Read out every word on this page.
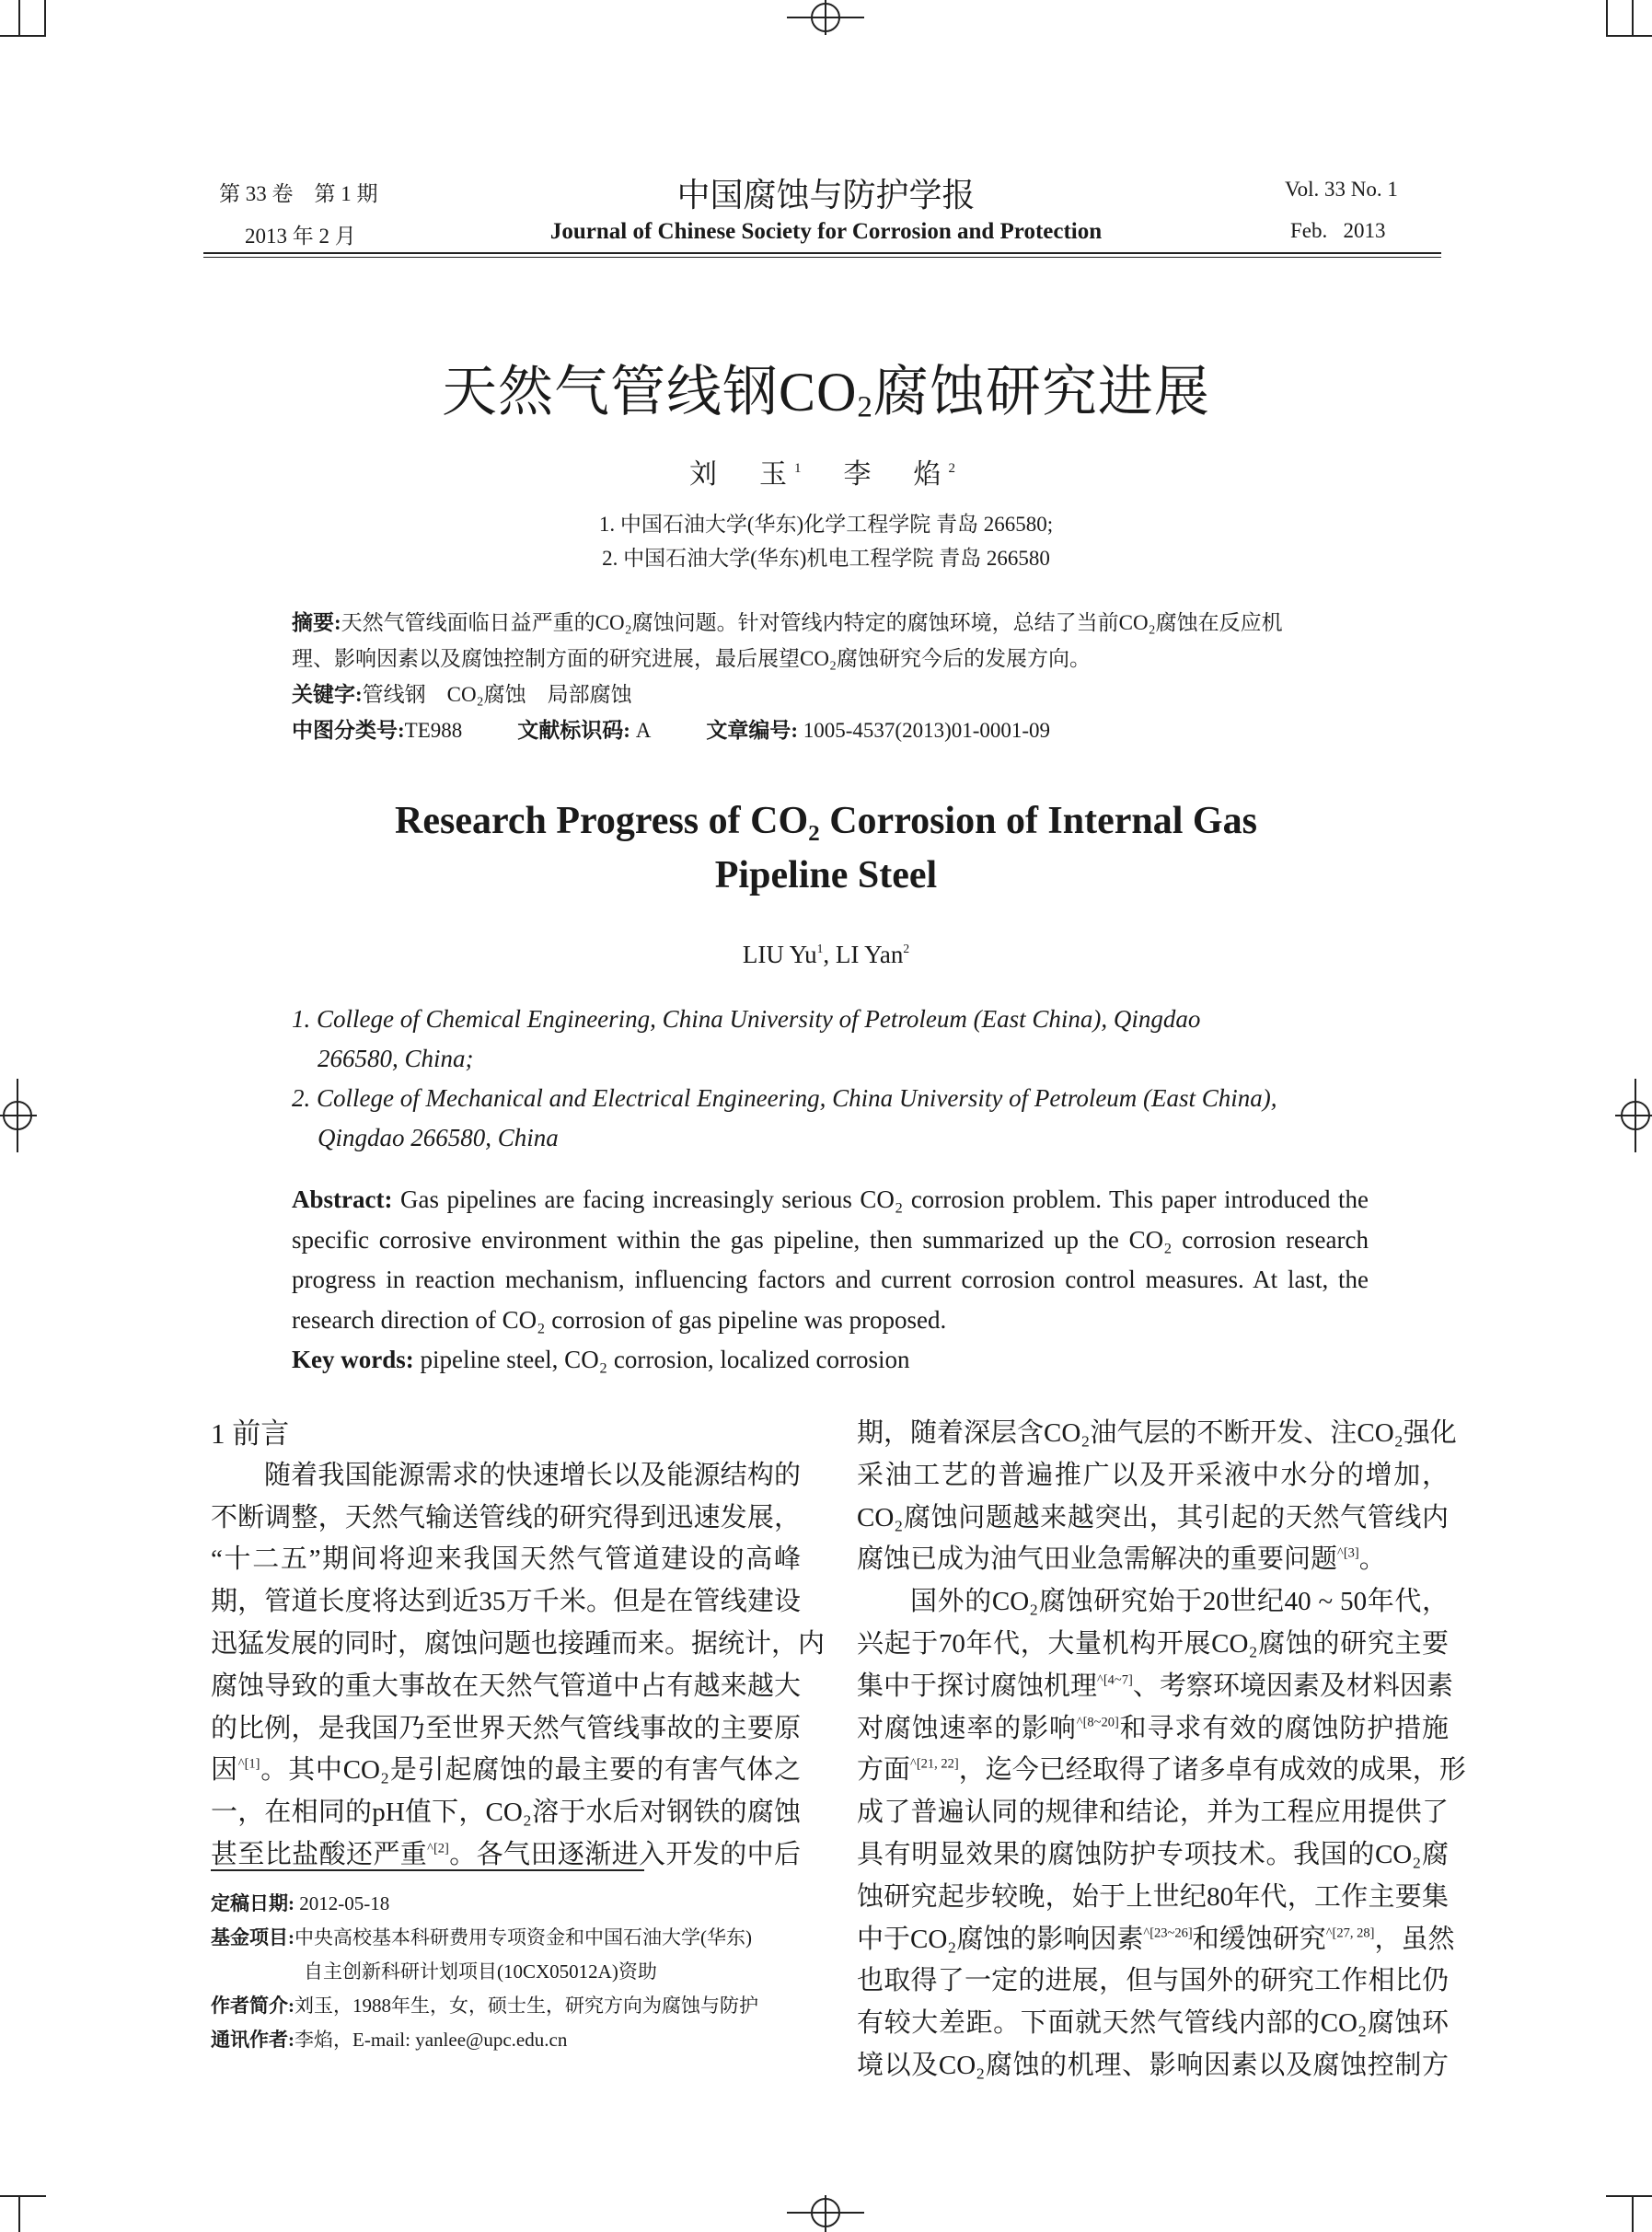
第 33 卷　第 1 期
2013 年 2 月
中国腐蚀与防护学报
Journal of Chinese Society for Corrosion and Protection
Vol. 33 No. 1
Feb.   2013
天然气管线钢CO2腐蚀研究进展
刘　玉$^1$　 李　焰$^2$
1. 中国石油大学(华东)化学工程学院 青岛 266580;
2. 中国石油大学(华东)机电工程学院 青岛 266580
摘要:天然气管线面临日益严重的CO₂腐蚀问题。针对管线内特定的腐蚀环境，总结了当前CO₂腐蚀在反应机
理、影响因素以及腐蚀控制方面的研究进展，最后展望CO₂腐蚀研究今后的发展方向。
关键字:管线钢　CO₂腐蚀　局部腐蚀
中图分类号:TE988	文献标识码: A	文章编号: 1005-4537(2013)01-0001-09
Research Progress of CO₂ Corrosion of Internal Gas
Pipeline Steel
LIU Yu$^1$, LI Yan$^2$
1. College of Chemical Engineering, China University of Petroleum (East China), Qingdao
266580, China;
2. College of Mechanical and Electrical Engineering, China University of Petroleum (East China),
Qingdao 266580, China
Abstract: Gas pipelines are facing increasingly serious CO₂ corrosion problem. This paper introduced the specific corrosive environment within the gas pipeline, then summarized up the CO₂ corrosion research progress in reaction mechanism, influencing factors and current corrosion control measures. At last, the research direction of CO₂ corrosion of gas pipeline was proposed.
Key words: pipeline steel, CO₂ corrosion, localized corrosion
1 前言
随着我国能源需求的快速增长以及能源结构的
不断调整，天然气输送管线的研究得到迅速发展，
“十二五”期间将迎来我国天然气管道建设的高峰
期，管道长度将达到近35万千米。但是在管线建设
迅猛发展的同时，腐蚀问题也接踵而来。据统计，内
腐蚀导致的重大事故在天然气管道中占有越来越大
的比例，是我国乃至世界天然气管线事故的主要原
因$^{\^{}[1]}$。其中CO₂是引起腐蚀的最主要的有害气体之
一，在相同的pH值下，CO₂溶于水后对钢铁的腐蚀
甚至比盐酸还严重$^{\^{}[2]}$。各气田逐渐进入开发的中后
期，随着深层含CO₂油气层的不断开发、注CO₂强化
采油工艺的普遍推广以及开采液中水分的增加，
CO₂腐蚀问题越来越突出，其引起的天然气管线内
腐蚀已成为油气田业急需解决的重要问题$^{\^{}[3]}$。
国外的CO₂腐蚀研究始于20世纪40 ~ 50年代，
兴起于70年代，大量机构开展CO₂腐蚀的研究主要
集中于探讨腐蚀机理$^{\^{}[4\sim 7]}$、考察环境因素及材料因素
对腐蚀速率的影响$^{\^{}[8\sim 20]}$和寻求有效的腐蚀防护措施
方面$^{\^{}[21, 22]}$，迄今已经取得了诸多卓有成效的成果，形
成了普遍认同的规律和结论，并为工程应用提供了
具有明显效果的腐蚀防护专项技术。我国的CO₂腐
蚀研究起步较晚，始于上世纪80年代，工作主要集
中于CO₂腐蚀的影响因素$^{\^{}[23\sim 26]}$和缓蚀研究$^{\^{}[27, 28]}$，虽然
也取得了一定的进展，但与国外的研究工作相比仍
有较大差距。下面就天然气管线内部的CO₂腐蚀环
境以及CO₂腐蚀的机理、影响因素以及腐蚀控制方
定稿日期: 2012-05-18
基金项目:中央高校基本科研费用专项资金和中国石油大学(华东)
自主创新科研计划项目(10CX05012A)资助
作者简介:刘玉，1988年生，女，硕士生，研究方向为腐蚀与防护
通讯作者:李焰，E-mail: yanlee@upc.edu.cn
